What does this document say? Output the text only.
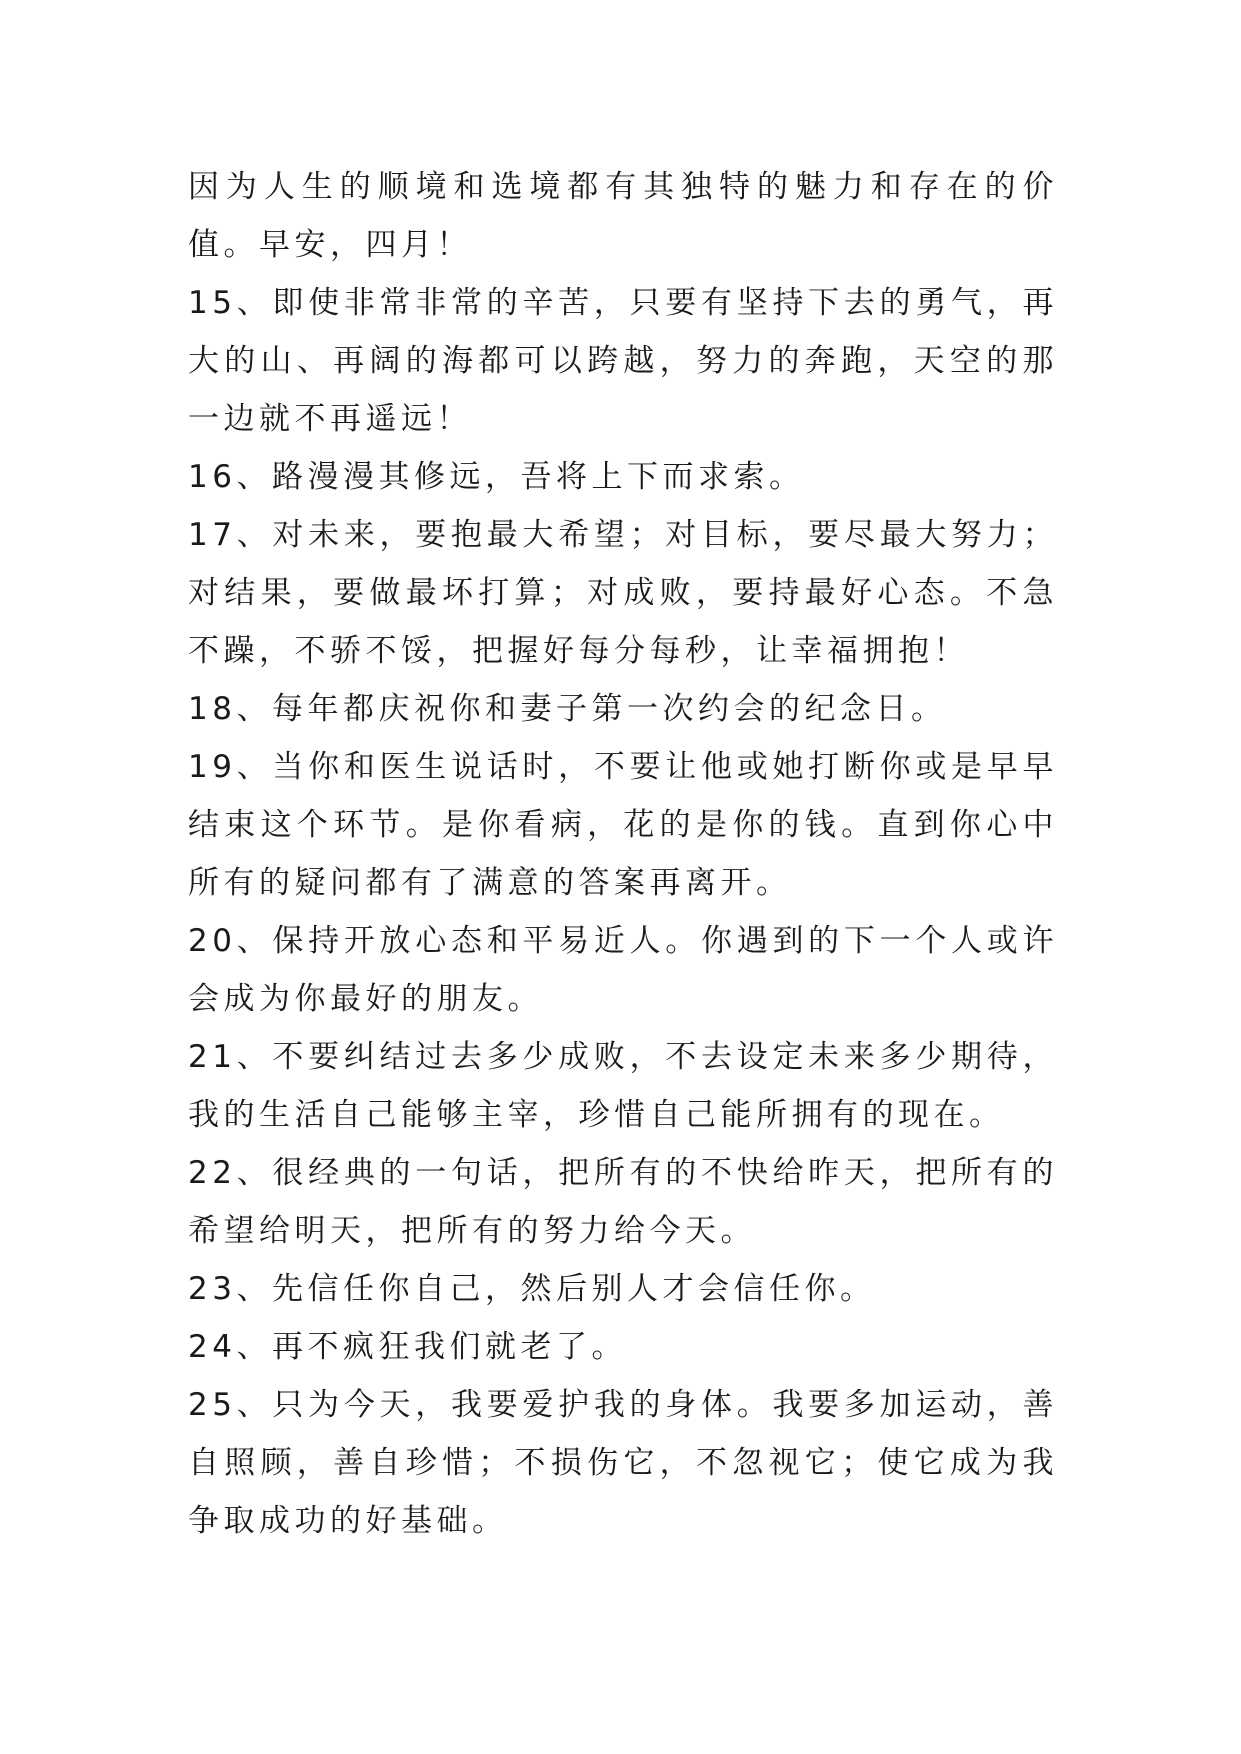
因为人生的顺境和选境都有其独特的魅力和存在的价值。早安，四月！

15、即使非常非常的辛苦，只要有坚持下去的勇气，再大的山、再阔的海都可以跨越，努力的奔跑，天空的那一边就不再遥远！

16、路漫漫其修远，吾将上下而求索。

17、对未来，要抱最大希望；对目标，要尽最大努力；对结果，要做最坏打算；对成败，要持最好心态。不急不躁，不骄不馁，把握好每分每秒，让幸福拥抱！

18、每年都庆祝你和妻子第一次约会的纪念日。

19、当你和医生说话时，不要让他或她打断你或是早早结束这个环节。是你看病，花的是你的钱。直到你心中所有的疑问都有了满意的答案再离开。

20、保持开放心态和平易近人。你遇到的下一个人或许会成为你最好的朋友。

21、不要纠结过去多少成败，不去设定未来多少期待，我的生活自己能够主宰，珍惜自己能所拥有的现在。

22、很经典的一句话，把所有的不快给昨天，把所有的希望给明天，把所有的努力给今天。

23、先信任你自己，然后别人才会信任你。

24、再不疯狂我们就老了。

25、只为今天，我要爱护我的身体。我要多加运动，善自照顾，善自珍惜；不损伤它，不忽视它；使它成为我争取成功的好基础。
